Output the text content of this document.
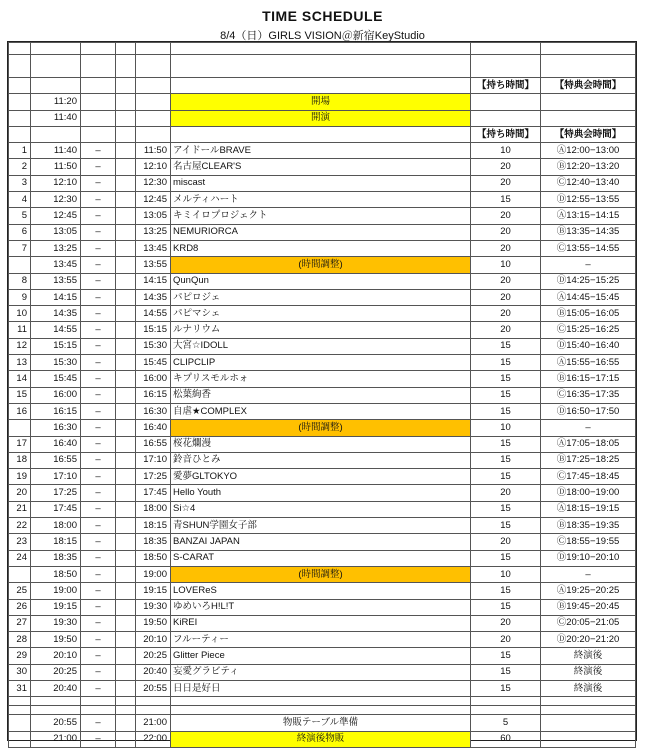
TIME SCHEDULE
8/4（日）GIRLS VISION＠新宿KeyStudio

						【持ち時間】	【特典会時間】
	11:20				開場		
	11:40				開演		
						【持ち時間】	【特典会時間】
1	11:40	–		11:50	アイドールBRAVE	10	Ⓐ12:00−13:00
2	11:50	–		12:10	名古屋CLEAR'S	20	Ⓑ12:20−13:20
3	12:10	–		12:30	miscast	20	Ⓒ12:40−13:40
4	12:30	–		12:45	メルティハート	15	Ⓓ12:55−13:55
5	12:45	–		13:05	キミイロプロジェクト	20	Ⓐ13:15−14:15
6	13:05	–		13:25	NEMURIORCA	20	Ⓑ13:35−14:35
7	13:25	–		13:45	KRD8	20	Ⓒ13:55−14:55
	13:45	–		13:55	(時間調整)	10	–
8	13:55	–		14:15	QunQun	20	Ⓓ14:25−15:25
9	14:15	–		14:35	パピロジェ	20	Ⓐ14:45−15:45
10	14:35	–		14:55	パピマシェ	20	Ⓑ15:05−16:05
11	14:55	–		15:15	ルナリウム	20	Ⓒ15:25−16:25
12	15:15	–		15:30	大宮☆IDOLL	15	Ⓓ15:40−16:40
13	15:30	–		15:45	CLIPCLIP	15	Ⓐ15:55−16:55
14	15:45	–		16:00	キプリスモルホォ	15	Ⓑ16:15−17:15
15	16:00	–		16:15	松葉絢香	15	Ⓒ16:35−17:35
16	16:15	–		16:30	自虐★COMPLEX	15	Ⓓ16:50−17:50
	16:30	–		16:40	(時間調整)	10	–
17	16:40	–		16:55	桜花爛漫	15	Ⓐ17:05−18:05
18	16:55	–		17:10	鈴音ひとみ	15	Ⓑ17:25−18:25
19	17:10	–		17:25	愛夢GLTOKYO	15	Ⓒ17:45−18:45
20	17:25	–		17:45	Hello Youth	20	Ⓓ18:00−19:00
21	17:45	–		18:00	Si☆4	15	Ⓐ18:15−19:15
22	18:00	–		18:15	青SHUN学園女子部	15	Ⓑ18:35−19:35
23	18:15	–		18:35	BANZAI JAPAN	20	Ⓒ18:55−19:55
24	18:35	–		18:50	S-CARAT	15	Ⓓ19:10−20:10
	18:50	–		19:00	(時間調整)	10	–
25	19:00	–		19:15	LOVEReS	15	Ⓐ19:25−20:25
26	19:15	–		19:30	ゆめいろH!L!T	15	Ⓑ19:45−20:45
27	19:30	–		19:50	KiREI	20	Ⓒ20:05−21:05
28	19:50	–		20:10	フルーティー	20	Ⓓ20:20−21:20
29	20:10	–		20:25	Glitter Piece	15	終演後
30	20:25	–		20:40	妄愛グラビティ	15	終演後
31	20:40	–		20:55	日日是好日	15	終演後

	20:55	–		21:00	物販テーブル準備	5	
	21:00	–		22:00	終演後物販	60	
